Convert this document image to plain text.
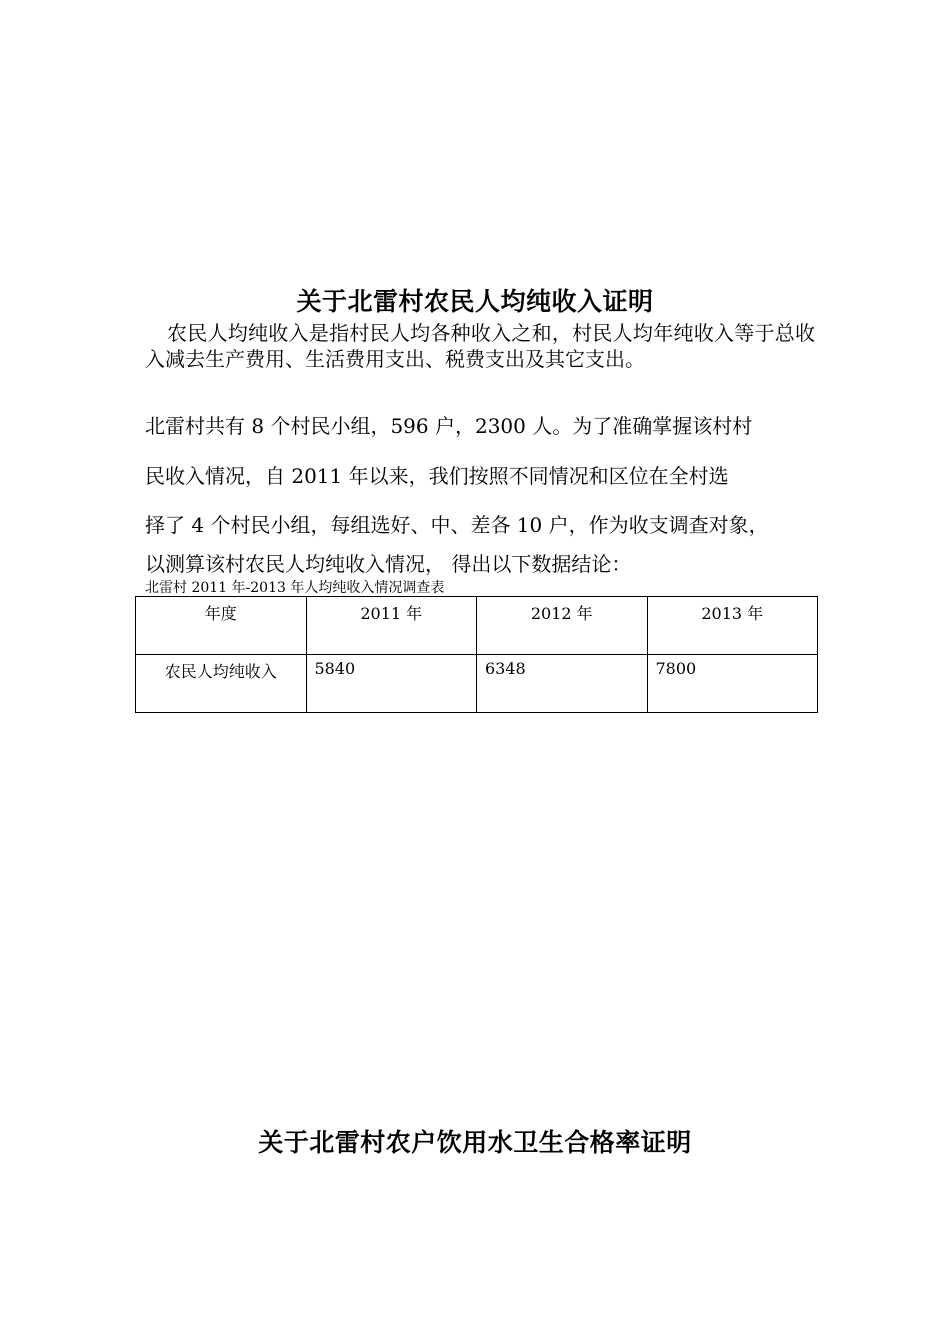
关于北雷村农民人均纯收入证明
农民人均纯收入是指村民人均各种收入之和，村民人均年纯收入等于总收入减去生产费用、生活费用支出、税费支出及其它支出。
北雷村共有 8 个村民小组，596 户，2300 人。为了准确掌握该村村
民收入情况，自 2011 年以来，我们按照不同情况和区位在全村选
择了 4 个村民小组，每组选好、中、差各 10 户，作为收支调查对象，
以测算该村农民人均纯收入情况， 得出以下数据结论：
北雷村 2011 年-2013 年人均纯收入情况调查表
年度	2011 年	2012 年	2013 年
农民人均纯收入	5840	6348	7800
关于北雷村农户饮用水卫生合格率证明
